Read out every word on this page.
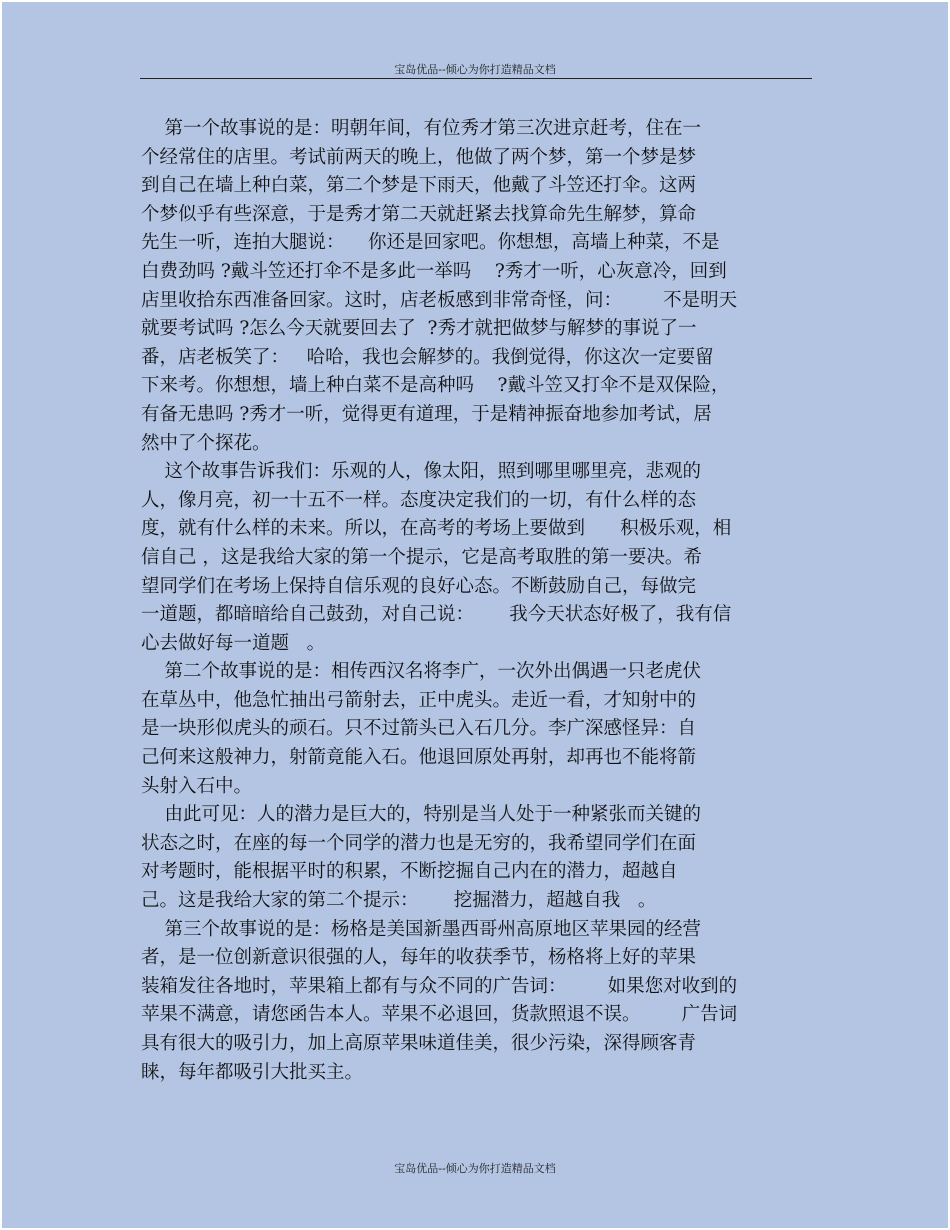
宝岛优品--倾心为你打造精品文档
第一个故事说的是：明朝年间，有位秀才第三次进京赶考，住在一
个经常住的店里。考试前两天的晚上，他做了两个梦，第一个梦是梦
到自己在墙上种白菜，第二个梦是下雨天，他戴了斗笠还打伞。这两
个梦似乎有些深意，于是秀才第二天就赶紧去找算命先生解梦，算命
先生一听，连拍大腿说：    你还是回家吧。你想想，高墙上种菜，不是
白费劲吗 ?戴斗笠还打伞不是多此一举吗    ?秀才一听，心灰意冷，回到
店里收拾东西准备回家。这时，店老板感到非常奇怪，问：       不是明天
就要考试吗 ?怎么今天就要回去了  ?秀才就把做梦与解梦的事说了一
番，店老板笑了：   哈哈，我也会解梦的。我倒觉得，你这次一定要留
下来考。你想想，墙上种白菜不是高种吗    ?戴斗笠又打伞不是双保险，
有备无患吗 ?秀才一听，觉得更有道理，于是精神振奋地参加考试，居
然中了个探花。
这个故事告诉我们：乐观的人，像太阳，照到哪里哪里亮，悲观的
人，像月亮，初一十五不一样。态度决定我们的一切，有什么样的态
度，就有什么样的未来。所以，在高考的考场上要做到      积极乐观，相
信自己 ，这是我给大家的第一个提示，它是高考取胜的第一要决。希
望同学们在考场上保持自信乐观的良好心态。不断鼓励自己，每做完
一道题，都暗暗给自己鼓劲，对自己说：      我今天状态好极了，我有信
心去做好每一道题   。
第二个故事说的是：相传西汉名将李广，一次外出偶遇一只老虎伏
在草丛中，他急忙抽出弓箭射去，正中虎头。走近一看，才知射中的
是一块形似虎头的顽石。只不过箭头已入石几分。李广深感怪异：自
己何来这般神力，射箭竟能入石。他退回原处再射，却再也不能将箭
头射入石中。
由此可见：人的潜力是巨大的，特别是当人处于一种紧张而关键的
状态之时，在座的每一个同学的潜力也是无穷的，我希望同学们在面
对考题时，能根据平时的积累，不断挖掘自己内在的潜力，超越自
己。这是我给大家的第二个提示：      挖掘潜力，超越自我   。
第三个故事说的是：杨格是美国新墨西哥州高原地区苹果园的经营
者，是一位创新意识很强的人，每年的收获季节，杨格将上好的苹果
装箱发往各地时，苹果箱上都有与众不同的广告词：       如果您对收到的
苹果不满意，请您函告本人。苹果不必退回，货款照退不误。       广告词
具有很大的吸引力，加上高原苹果味道佳美，很少污染，深得顾客青
睐，每年都吸引大批买主。
宝岛优品--倾心为你打造精品文档
